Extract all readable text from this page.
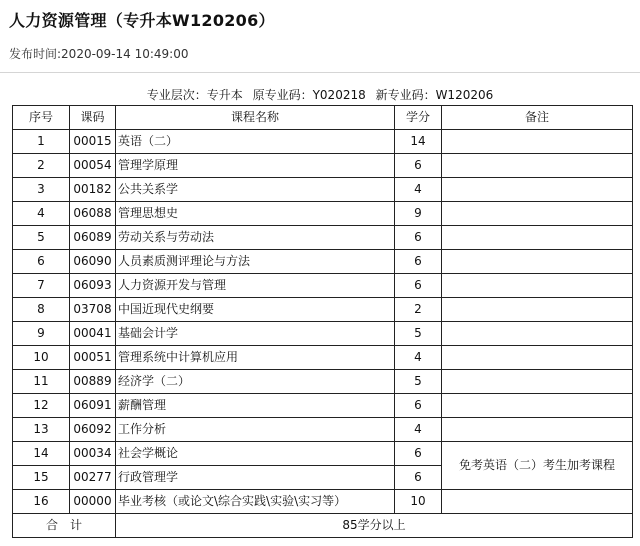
人力资源管理（专升本W120206）
发布时间:2020-09-14 10:49:00
专业层次：专升本 原专业码：Y020218 新专业码：W120206
序号	课码	课程名称	学分	备注
1	00015	英语（二）	14	
2	00054	管理学原理	6	
3	00182	公共关系学	4	
4	06088	管理思想史	9	
5	06089	劳动关系与劳动法	6	
6	06090	人员素质测评理论与方法	6	
7	06093	人力资源开发与管理	6	
8	03708	中国近现代史纲要	2	
9	00041	基础会计学	5	
10	00051	管理系统中计算机应用	4	
11	00889	经济学（二）	5	
12	06091	薪酬管理	6	
13	06092	工作分析	4	
14	00034	社会学概论	6	免考英语（二）考生加考课程
15	00277	行政管理学	6	
16	00000	毕业考核（或论文\综合实践\实验\实习等）	10	
合　计		85学分以上		
